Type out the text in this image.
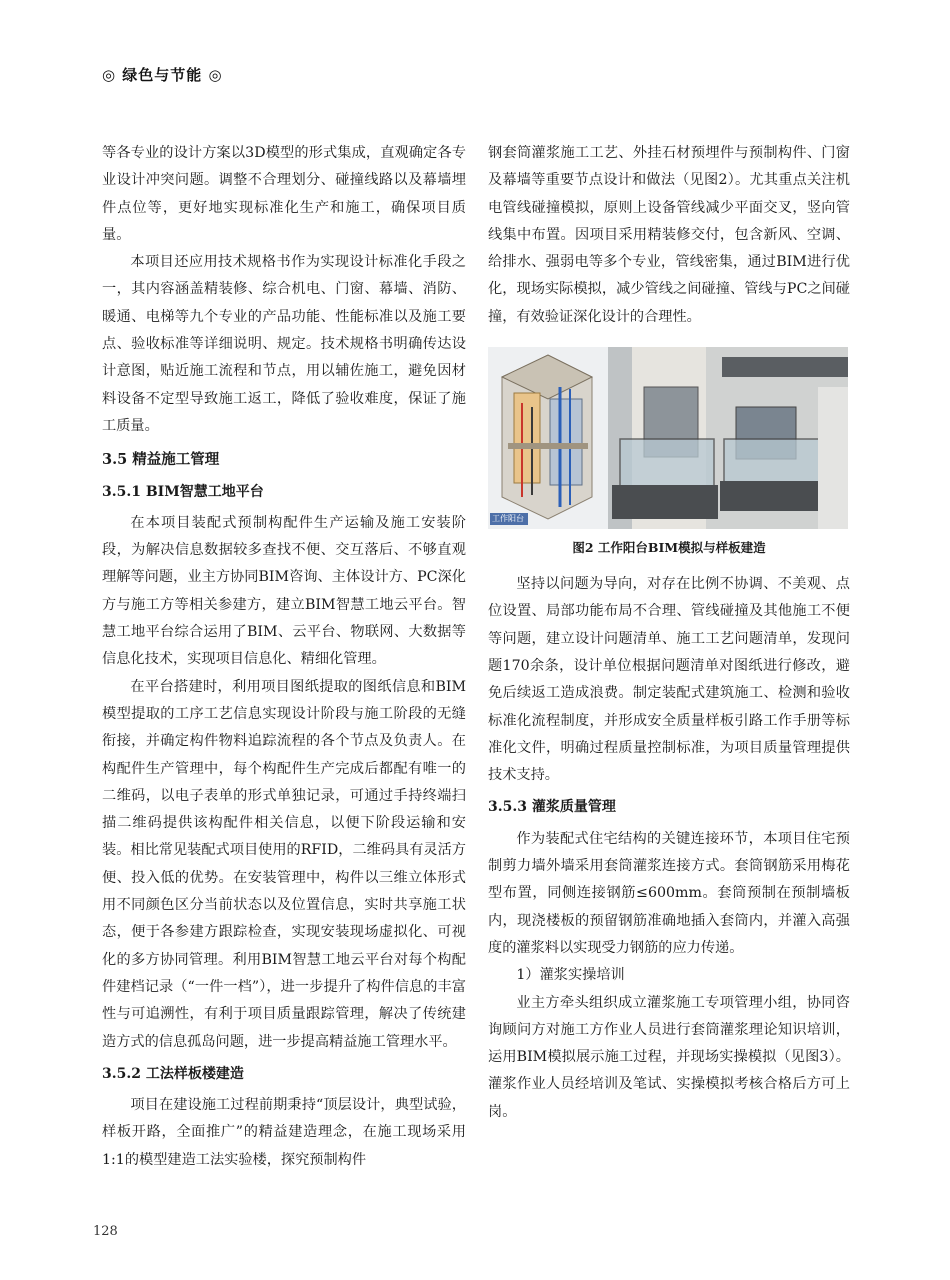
◎ 绿色与节能 ◎

等各专业的设计方案以3D模型的形式集成，直观确定各专业设计冲突问题。调整不合理划分、碰撞线路以及幕墙埋件点位等，更好地实现标准化生产和施工，确保项目质量。

本项目还应用技术规格书作为实现设计标准化手段之一，其内容涵盖精装修、综合机电、门窗、幕墙、消防、暖通、电梯等九个专业的产品功能、性能标准以及施工要点、验收标准等详细说明、规定。技术规格书明确传达设计意图，贴近施工流程和节点，用以辅佐施工，避免因材料设备不定型导致施工返工，降低了验收难度，保证了施工质量。

3.5 精益施工管理
3.5.1 BIM智慧工地平台

在本项目装配式预制构配件生产运输及施工安装阶段，为解决信息数据较多查找不便、交互落后、不够直观理解等问题，业主方协同BIM咨询、主体设计方、PC深化方与施工方等相关参建方，建立BIM智慧工地云平台。智慧工地平台综合运用了BIM、云平台、物联网、大数据等信息化技术，实现项目信息化、精细化管理。

在平台搭建时，利用项目图纸提取的图纸信息和BIM模型提取的工序工艺信息实现设计阶段与施工阶段的无缝衔接，并确定构件物料追踪流程的各个节点及负责人。在构配件生产管理中，每个构配件生产完成后都配有唯一的二维码，以电子表单的形式单独记录，可通过手持终端扫描二维码提供该构配件相关信息，以便下阶段运输和安装。相比常见装配式项目使用的RFID，二维码具有灵活方便、投入低的优势。在安装管理中，构件以三维立体形式用不同颜色区分当前状态以及位置信息，实时共享施工状态，便于各参建方跟踪检查，实现安装现场虚拟化、可视化的多方协同管理。利用BIM智慧工地云平台对每个构配件建档记录（“一件一档”），进一步提升了构件信息的丰富性与可追溯性，有利于项目质量跟踪管理，解决了传统建造方式的信息孤岛问题，进一步提高精益施工管理水平。

3.5.2 工法样板楼建造

项目在建设施工过程前期秉持“顶层设计，典型试验，样板开路，全面推广”的精益建造理念，在施工现场采用1:1的模型建造工法实验楼，探究预制构件

钢套筒灌浆施工工艺、外挂石材预埋件与预制构件、门窗及幕墙等重要节点设计和做法（见图2）。尤其重点关注机电管线碰撞模拟，原则上设备管线减少平面交叉，竖向管线集中布置。因项目采用精装修交付，包含新风、空调、给排水、强弱电等多个专业，管线密集，通过BIM进行优化，现场实际模拟，减少管线之间碰撞、管线与PC之间碰撞，有效验证深化设计的合理性。

工作阳台
图2 工作阳台BIM模拟与样板建造

坚持以问题为导向，对存在比例不协调、不美观、点位设置、局部功能布局不合理、管线碰撞及其他施工不便等问题，建立设计问题清单、施工工艺问题清单，发现问题170余条，设计单位根据问题清单对图纸进行修改，避免后续返工造成浪费。制定装配式建筑施工、检测和验收标准化流程制度，并形成安全质量样板引路工作手册等标准化文件，明确过程质量控制标准，为项目质量管理提供技术支持。

3.5.3 灌浆质量管理

作为装配式住宅结构的关键连接环节，本项目住宅预制剪力墙外墙采用套筒灌浆连接方式。套筒钢筋采用梅花型布置，同侧连接钢筋≤600mm。套筒预制在预制墙板内，现浇楼板的预留钢筋准确地插入套筒内，并灌入高强度的灌浆料以实现受力钢筋的应力传递。

1）灌浆实操培训

业主方牵头组织成立灌浆施工专项管理小组，协同咨询顾问方对施工方作业人员进行套筒灌浆理论知识培训，运用BIM模拟展示施工过程，并现场实操模拟（见图3）。灌浆作业人员经培训及笔试、实操模拟考核合格后方可上岗。

128
